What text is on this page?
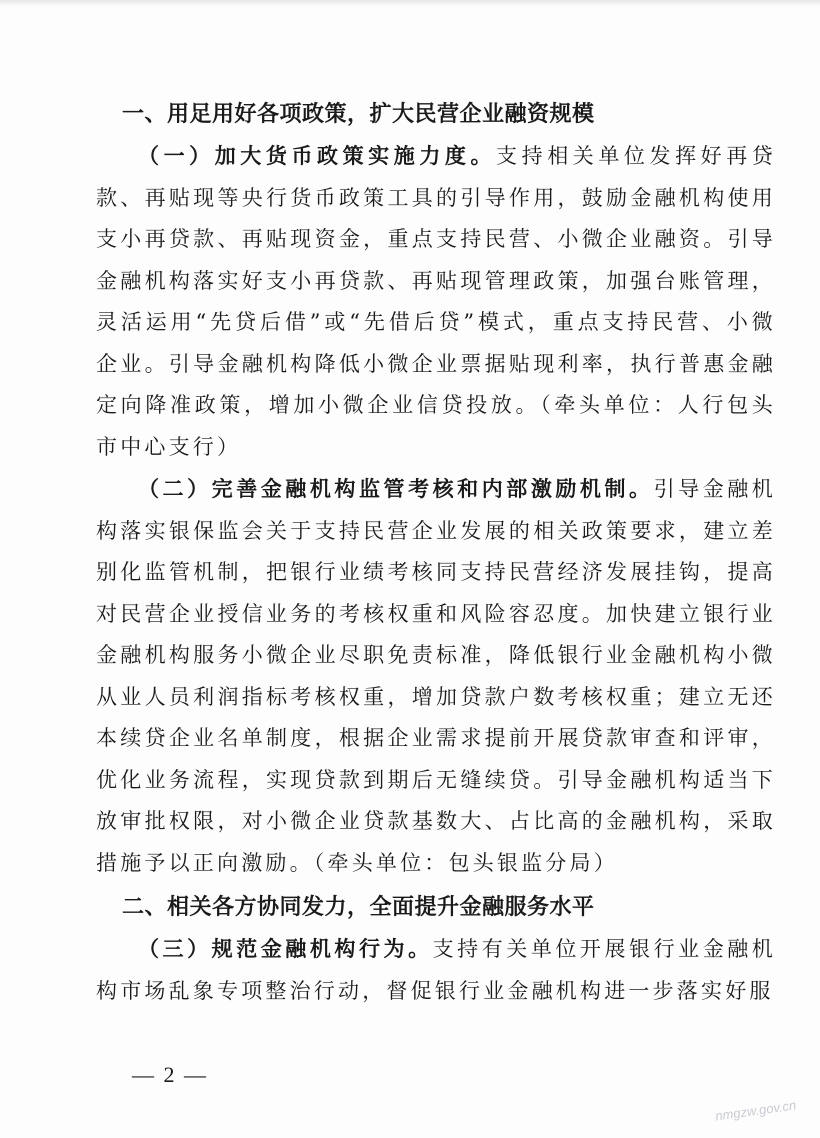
一、用足用好各项政策，扩大民营企业融资规模

（一）加大货币政策实施力度。支持相关单位发挥好再贷款、再贴现等央行货币政策工具的引导作用，鼓励金融机构使用支小再贷款、再贴现资金，重点支持民营、小微企业融资。引导金融机构落实好支小再贷款、再贴现管理政策，加强台账管理，灵活运用“先贷后借”或“先借后贷”模式，重点支持民营、小微企业。引导金融机构降低小微企业票据贴现利率，执行普惠金融定向降准政策，增加小微企业信贷投放。（牵头单位：人行包头市中心支行）

（二）完善金融机构监管考核和内部激励机制。引导金融机构落实银保监会关于支持民营企业发展的相关政策要求，建立差别化监管机制，把银行业绩考核同支持民营经济发展挂钩，提高对民营企业授信业务的考核权重和风险容忍度。加快建立银行业金融机构服务小微企业尽职免责标准，降低银行业金融机构小微从业人员利润指标考核权重，增加贷款户数考核权重；建立无还本续贷企业名单制度，根据企业需求提前开展贷款审查和评审，优化业务流程，实现贷款到期后无缝续贷。引导金融机构适当下放审批权限，对小微企业贷款基数大、占比高的金融机构，采取措施予以正向激励。（牵头单位：包头银监分局）

二、相关各方协同发力，全面提升金融服务水平

（三）规范金融机构行为。支持有关单位开展银行业金融机构市场乱象专项整治行动，督促银行业金融机构进一步落实好服

— 2 —
nmgzw.gov.cn
